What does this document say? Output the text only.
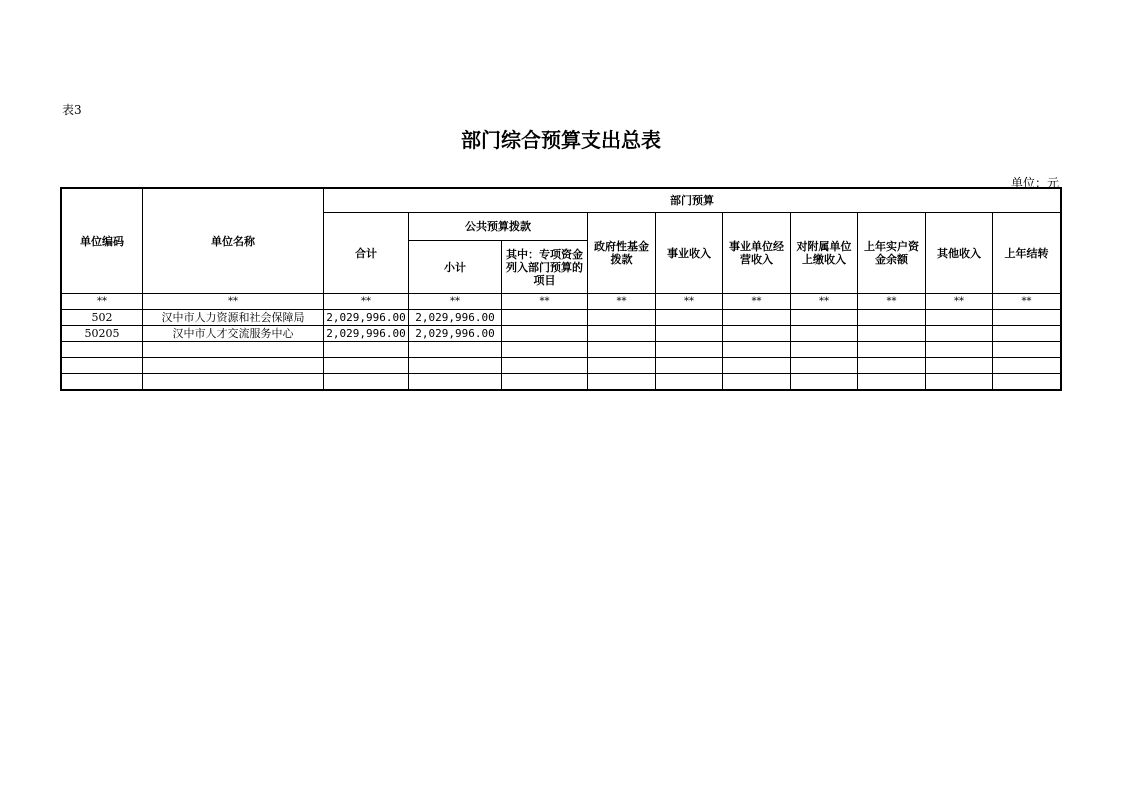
表3
部门综合预算支出总表
单位：元
单位编码	单位名称	部门预算									
		合计	公共预算拨款		政府性基金拨款	事业收入	事业单位经营收入	对附属单位上缴收入	上年实户资金余额	其他收入	上年结转
			小计	其中：专项资金列入部门预算的项目							
**	**	**	**	**	**	**	**	**	**	**	**
502	汉中市人力资源和社会保障局	2,029,996.00	2,029,996.00								
50205	汉中市人才交流服务中心	2,029,996.00	2,029,996.00								
